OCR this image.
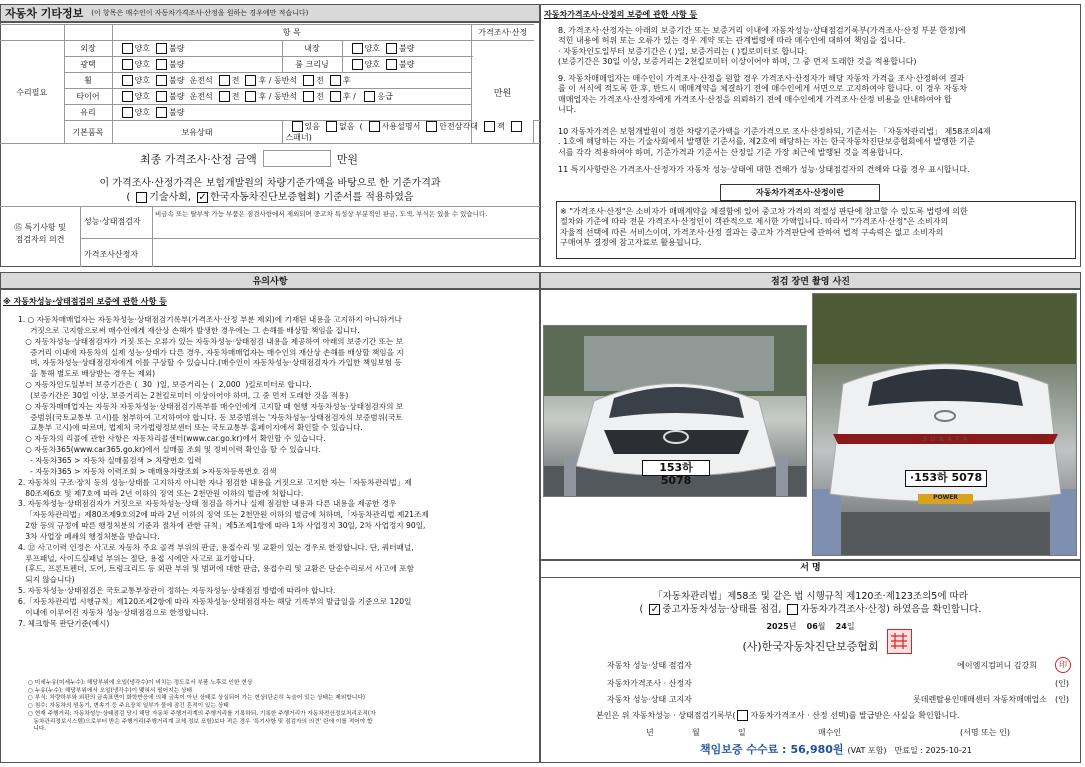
자동차 기타정보 (이 항목은 매수인이 자동차가격조사·산정을 원하는 경우에만 적습니다)
		항 목			가격조사·산정	
수리필요	외장	양호 불량	내장	양호 불량	만원	
	광택	양호 불량	룸 크리닝	양호 불량		
	휠	양호 불량 운전석 전 후 / 동반석 전 후				
	타이어	양호 불량 운전석 전 후 / 동반석 전 후 / 응급				
	유리	양호 불량				
	기본품목	보유상태	있음 없음  ( 사용설명서 안전삼각대 잭스패너)			
최종 가격조사·산정 금액	만원
이 가격조사·산정가격은 보험개발원의 차량기준가액을 바탕으로 한 기준가격과
( 기술사회, ✓ 한국자동차진단보증협회) 기준서를 적용하였음
⑮ 특기사항 및
점검자의 의견
성능·상태점검자
비금속 또는 탈부착 가능 부품은 점검사항에서 제외되며 중고차 특성상 부분적인 판금, 도색, 부식은 있을 수 있습니다.
가격조사산정자
자동차가격조사·산정의 보증에 관한 사항 등
8. 가격조사·산정자는 아래의 보증기간 또는 보증거리 이내에 자동차성능·상태점검기록부(가격조사·산정 부분 한정)에
적힌 내용에 허위 또는 오류가 있는 경우 계약 또는 관계법령에 따라 매수인에 대하여 책임을 집니다.
· 자동차인도일부터 보증기간은 ( )일, 보증거리는 ( )킬로미터로 합니다.
(보증기간은 30일 이상, 보증거리는 2천킬로미터 이상이어야 하며, 그 중 먼저 도래한 것을 적용합니다)
9. 자동차매매업자는 매수인이 가격조사·산정을 원할 경우 가격조사·산정자가 해당 자동차 가격을 조사·산정하여 결과
를 이 서식에 적도록 한 후, 반드시 매매계약을 체결하기 전에 매수인에게 서면으로 고지하여야 합니다. 이 경우 자동차
매매업자는 가격조사·산정자에게 가격조사·산정을 의뢰하기 전에 매수인에게 가격조사·산정 비용을 안내하여야 합
니다.
10 자동차가격은 보험개발원이 정한 차량기준가액을 기준가격으로 조사·산정하되, 기준서는 「자동차관리법」 제58조의4제
. 1호에 해당하는 자는 기술사회에서 발행한 기준서를, 제2호에 해당하는 자는 한국자동차진단보증협회에서 발행한 기준
서를 각각 적용하여야 하며, 기준가격과 기준서는 산정일 기준 가장 최근에 발행된 것을 적용합니다.
11 특기사항란은 가격조사·산정자가 자동차 성능·상태에 대한 견해가 성능·상태점검자의 견해와 다를 경우 표시합니다.
자동차가격조사·산정이란
※ "가격조사·산정"은 소비자가 매매계약을 체결함에 있어 중고차 가격의 적절성 판단에 참고할 수 있도록 법령에 의한
절차와 기준에 따라 전문 가격조사·산정인이 객관적으로 제시한 가액입니다. 따라서 "가격조사·산정"은 소비자의
자율적 선택에 따른 서비스이며, 가격조사·산정 결과는 중고차 가격판단에 관하여 법적 구속력은 없고 소비자의
구매여부 결정에 참고자료로 활용됩니다.
유의사항
※ 자동차성능·상태점검의 보증에 관한 사항 등
1. ○ 자동차매매업자는 자동차성능·상태점검기록부(가격조사·산정 부분 제외)에 기재된 내용을 고지하지 아니하거나
거짓으로 고지함으로써 매수인에게 재산상 손해가 발생한 경우에는 그 손해를 배상할 책임을 집니다.
○ 자동차성능·상태점검자가 거짓 또는 오류가 있는 자동차성능·상태점검 내용을 제공하여 아래의 보증기간 또는 보
증거리 이내에 자동차의 실제 성능·상태가 다른 경우, 자동차매매업자는 매수인의 재산상 손해를 배상할 책임을 지
며, 자동차성능·상태점검자에게 이를 구상할 수 있습니다.(매수인이 자동차성능·상태점검자가 가입한 책임보험 등
을 통해 별도로 배상받는 경우는 제외)
○ 자동차인도일부터 보증기간은 (  30  )일, 보증거리는 (  2,000  )킬로미터로 합니다.
(보증기간은 30일 이상, 보증거리는 2천킬로미터 이상이어야 하며, 그 중 먼저 도래한 것을 적용)
○ 자동차매매업자는 자동차 자동차성능·상태점검기록부를 매수인에게 고지할 때 현행 자동차성능·상태점검자의 보
증범위(국토교통부 고시)를 첨부하여 고지하여야 합니다. 동 보증범위는 '자동차성능·상태점검자의 보증범위(국토
교통부 고시)에 따르며, 법제처 국가법령정보센터 또는 국토교통부 홈페이지에서 확인할 수 있습니다.
○ 자동차의 리콜에 관한 사항은 자동차리콜센터(www.car.go.kr)에서 확인할 수 있습니다.
○ 자동차365(www.car365.go.kr)에서 실매물 조회 및 정비이력 확인을 할 수 있습니다.
- 자동차365 > 자동차 실매물검색 > 차량번호 입력
- 자동차365 > 자동차 이력조회 > 매매용차량조회 >자동차등록번호 검색
2. 자동차의 구조·장치 등의 성능·상태를 고지하지 아니한 자나 점검한 내용을 거짓으로 고지한 자는「자동차관리법」제
80조제6호 및 제7호에 따라 2년 이하의 징역 또는 2천만원 이하의 벌금에 처합니다.
3. 자동차성능·상태점검자가 거짓으로 자동차성능·상태 점검을 하거나 실제 점검한 내용과 다른 내용을 제공한 경우
「자동차관리법」제80조제9호의2에 따라 2년 이하의 징역 또는 2천만원 이하의 벌금에 처하며,「자동차관리법 제21조제
2항 등의 규정에 따른 행정처분의 기준과 절차에 관한 규칙」제5조제1항에 따라 1차 사업정지 30일, 2차 사업정지 90일,
3차 사업장 폐쇄의 행정처분을 받습니다.
4. ⑫ 사고이력 인정은 사고로 자동차 주요 골격 부위의 판금, 용접수리 및 교환이 있는 경우로 한정합니다. 단, 쿼터패널,
루프패널, 사이드실패널 부위는 절단, 용접 시에만 사고로 표기합니다.
(후드, 프론트펜더, 도어, 트렁크리드 등 외판 부위 및 범퍼에 대한 판금, 용접수리 및 교환은 단순수리로서 사고에 포함
되지 않습니다)
5. 자동차성능·상태점검은 국토교통부장관이 정하는 자동차성능·상태점검 방법에 따라야 합니다.
6.「자동차관리법 시행규칙」제120조제2항에 따라 자동차성능·상태점검자는 해당 기록부의 발급일을 기준으로 120일
이내에 이루어진 자동차 성능·상태점검으로 한정합니다.
7. 체크항목 판단기준(예시)
○ 미세누유(미세누수): 해당부위에 오일(냉각수)이 비치는 정도로서 부품 노후로 인한 현상
○ 누유(누수): 해당부위에서 오일(냉각수)이 맺혀서 떨어지는 상태
○ 부식: 차량하부와 외판의 금속표면이 화학반응에 의해 금속이 아닌 상태로 상실되어 가는 현상(단순히 녹슬어 있는 상태는 제외합니다)
○ 침수: 자동차의 원동기, 변속기 등 주요장치 일부가 물에 잠긴 흔적이 있는 상태
○ 현재 주행거리: 자동차성능·상태점검 당시 해당 자동차 주행거리계의 주행거리를 기록하되, 기록한 주행거리가 자동차전산정보처리조직(자
동차관리정보시스템)으로부터 받은 주행거리(주행거리계 교체 정보 포함)보다 적은 경우 '특기사항 및 점검자의 의견' 란에 이를 적어야 합
니다.
점검 장면 촬영 사진
153하 5078
S O N A T A
·153하 5078
POWER
서 명
「자동차관리법」제58조 및 같은 법 시행규칙 제120조·제123조의5에 따라
( ✓ 중고자동차성능·상태를 점검, 자동차가격조사·산정) 하였음을 확인합니다.
2025년 06월 24일
(사)한국자동차진단보증협회
자동차 성능·상태 점검자	에이엠지컴퍼니 김강희	印
자동차가격조사 · 산정자	(인)
자동차 성능·상태 고지자	롯데렌탈용인매매센터 자동차매매업소 (인)
본인은 위 자동차성능 · 상태점검기록부( 자동차가격조사 · 산정 선택)를 발급받은 사실을 확인합니다.
년	월	일	매수인	(서명 또는 인)
책임보증 수수료 : 56,980원 (VAT 포함) 만료일 : 2025-10-21
